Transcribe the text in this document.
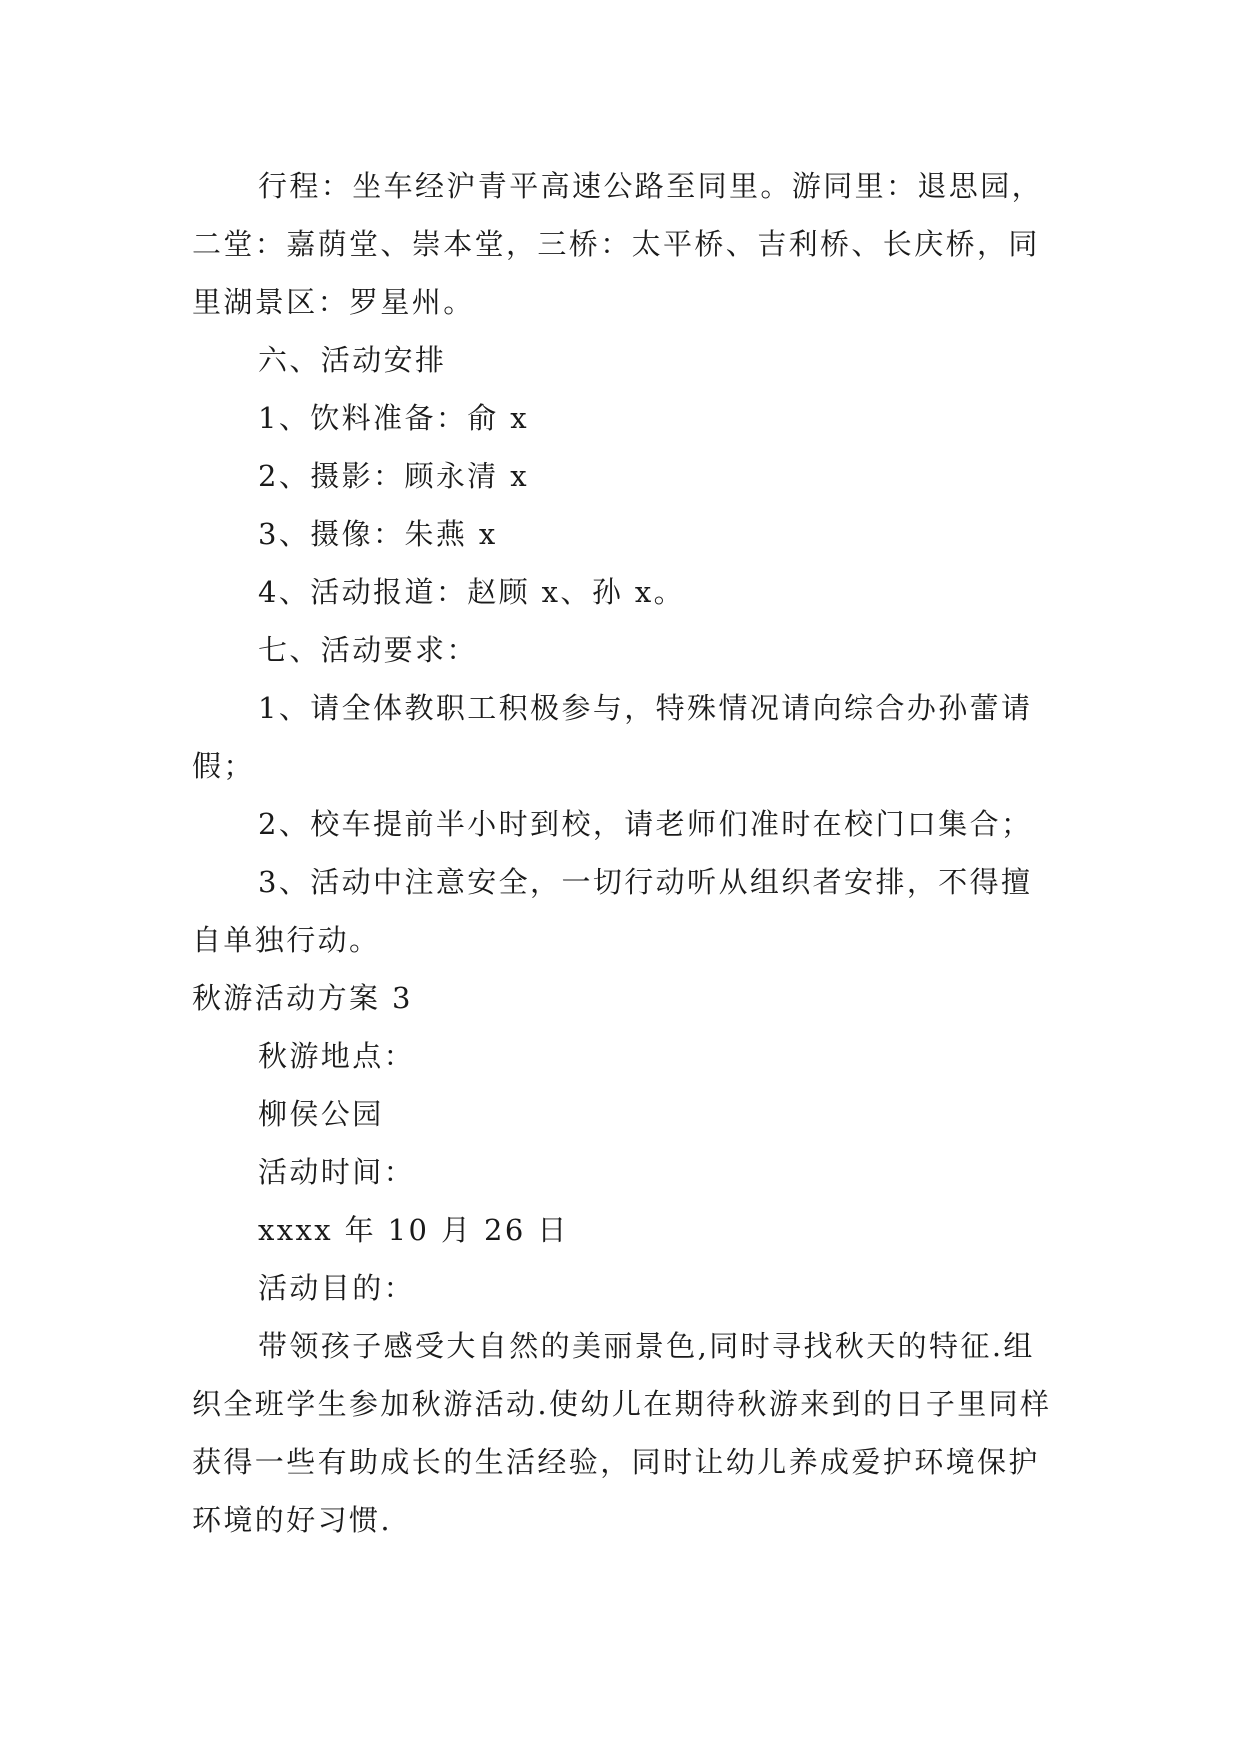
行程：坐车经沪青平高速公路至同里。游同里：退思园，二堂：嘉荫堂、崇本堂，三桥：太平桥、吉利桥、长庆桥，同里湖景区：罗星州。

六、活动安排

1、饮料准备：俞 x

2、摄影：顾永清 x

3、摄像：朱燕 x

4、活动报道：赵顾 x、孙 x。

七、活动要求：

1、请全体教职工积极参与，特殊情况请向综合办孙蕾请假；

2、校车提前半小时到校，请老师们准时在校门口集合；

3、活动中注意安全，一切行动听从组织者安排，不得擅自单独行动。

秋游活动方案 3

秋游地点：

柳侯公园

活动时间：

xxxx 年 10 月 26 日

活动目的：

带领孩子感受大自然的美丽景色,同时寻找秋天的特征.组织全班学生参加秋游活动.使幼儿在期待秋游来到的日子里同样获得一些有助成长的生活经验，同时让幼儿养成爱护环境保护环境的好习惯.
